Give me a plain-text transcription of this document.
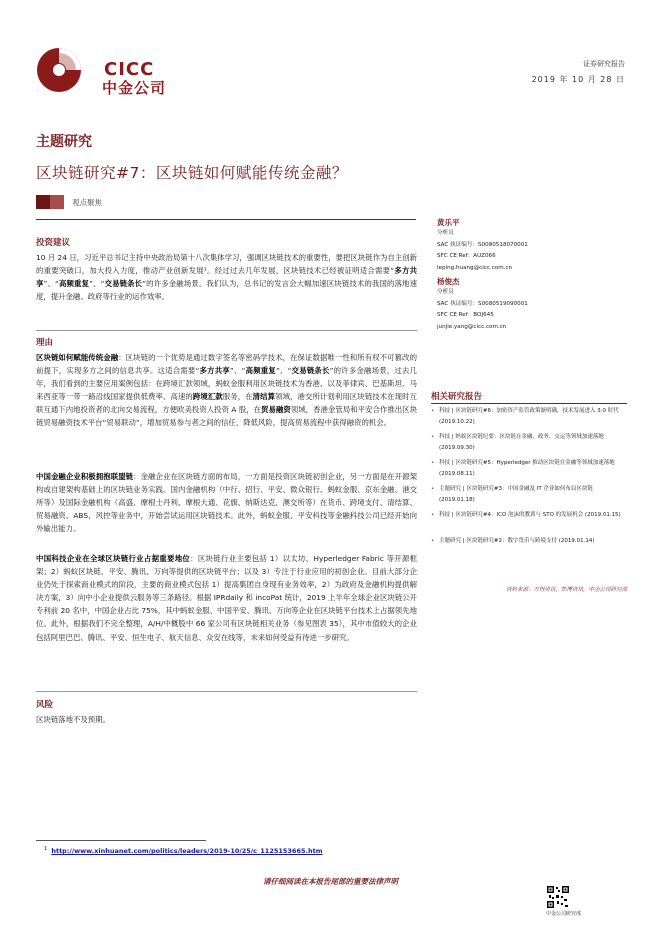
CICC
中金公司
证券研究报告
2019 年 10 月 28 日
主题研究
区块链研究#7：区块链如何赋能传统金融？
观点聚焦
投资建议
10 月 24 日，习近平总书记主持中央政治局第十八次集体学习，强调区块链技术的重要性，要把区块链作为自主创新的重要突破口，加大投入力度，推动产业创新发展¹。经过过去几年发展，区块链技术已经被证明适合需要“多方共享”、“高频重复”、“交易链条长”的许多金融场景。我们认为，总书记的发言会大幅加速区块链技术的我国的落地速度，提升金融、政府等行业的运作效率。
理由
区块链如何赋能传统金融：区块链的一个优势是通过数字签名等密码学技术，在保证数据唯一性和所有权不可篡改的前提下，实现多方之间的信息共享。这适合需要“多方共享”、“高频重复”、“交易链条长”的许多金融场景，过去几年，我们看到的主要应用案例包括：在跨境汇款领域，蚂蚁金服利用区块链技术为香港、以及菲律宾、巴基斯坦、马来西亚等一带一路沿线国家提供低费率、高速的跨境汇款服务，在清结算领域，港交所计划利用区块链技术在现时互联互通下内地投资者的北向交易流程，方便欧美投资人投资 A 股，在贸易融资领域，香港金管局和平安合作推出区块链贸易融资技术平台“贸易联动”，增加贸易参与者之间的信任，降低风险，提高贸易流程中获得融资的机会。
中国金融企业积极拥抱联盟链：金融企业在区块链方面的布局，一方面是投资区块链初创企业，另一方面是在开源架构或自建架构基础上的区块链业务实践。国内金融机构（中行、招行、平安、微众银行、蚂蚁金服、京东金融、港交所等）及国际金融机构（高盛、摩根士丹利、摩根大通、花旗、纳斯达克、澳交所等）在货币、跨境支付、清结算、贸易融资、ABS、风控等业务中，开始尝试运用区块链技术。此外，蚂蚁金服、平安科技等金融科技公司已经开始向外输出能力。
中国科技企业在全球区块链行业占据重要地位：区块链行业主要包括 1）以太坊、Hyperledger Fabric 等开源框架；2）蚂蚁区块链、平安、腾讯、万向等提供的区块链平台；以及 3）专注于行业应用的初创企业。目前大部分企业仍处于探索商业模式的阶段，主要的商业模式包括 1）提高集团自身现有业务效率，2）为政府及金融机构提供解决方案，3）向中小企业提供云服务等三条路径。根据 IPRdaily 和 incoPat 统计，2019 上半年全球企业区块链公开专利前 20 名中，中国企业占比 75%，其中蚂蚁金服、中国平安、腾讯、万向等企业在区块链平台技术上占据领先地位。此外，根据我们不完全整理，A/H/中概股中 66 家公司有区块链相关业务（参见图表 35），其中市值较大的企业包括阿里巴巴、腾讯、平安、恒生电子、航天信息、众安在线等，未来如何受益有待进一步研究。
风险
区块链落地不及预期。
黄乐平
分析员
SAC 执证编号：S0080518070001
SFC CE Ref：AUZ066
leping.huang@cicc.com.cn
杨俊杰
分析员
SAC 执证编号：S0080519090001
SFC CE Ref：BOJ645
junjie.yang@cicc.com.cn
相关研究报告
• 科技 | 区块链研究#6：加密资产监管政策渐明确，技术发展进入 3.0 时代 (2019.10.22)
• 科技 | 蚂蚁区块链纪要：区块链在金融、政务、交运等领域加速落地 (2019.09.30)
• 科技 | 区块链研究#5：Hyperledger 推动区块链在金融等领域加速落地 (2019.08.11)
• 主题研究 | 区块链研究#3：中国金融及 IT 企业如何布局区块链 (2019.01.18)
• 科技 | 区块链研究#4：ICO 泡沫的教训与 STO 的发展机会 (2019.01.15)
• 主题研究 | 区块链研究#2：数字货币与跨境支付 (2019.01.14)
资料来源：万得资讯，彭博资讯，中金公司研究部
$^1$ http://www.xinhuanet.com/politics/leaders/2019-10/25/c_1125153665.htm
请仔细阅读在本报告尾部的重要法律声明
中金公司研究部
